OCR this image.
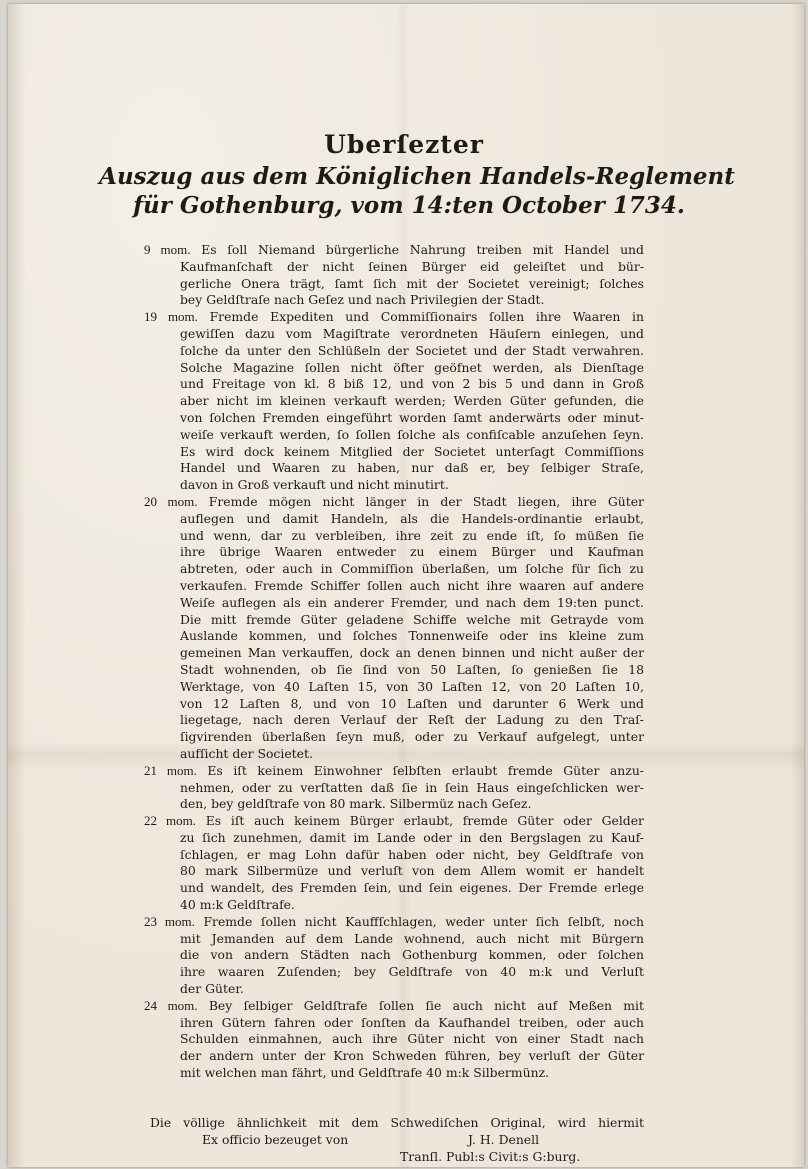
Uberſezter
Auszug aus dem Königlichen Handels-Reglement
für Gothenburg, vom 14:ten October 1734.
9 mom. Es ſoll Niemand bürgerliche Nahrung treiben mit Handel und
Kaufmanſchaft der nicht ſeinen Bürger eid geleiſtet und bür-
gerliche Onera trägt, ſamt ſich mit der Societet vereinigt; ſolches
bey Geldſtraſe nach Geſez und nach Privilegien der Stadt.
19 mom. Fremde Expediten und Commiſſionairs ſollen ihre Waaren in
gewiſſen dazu vom Magiſtrate verordneten Häuſern einlegen, und
ſolche da unter den Schlüßeln der Societet und der Stadt verwahren.
Solche Magazine ſollen nicht öfter geöfnet werden, als Dienſtage
und Freitage von kl. 8 biß 12, und von 2 bis 5 und dann in Groß
aber nicht im kleinen verkauft werden; Werden Güter gefunden, die
von ſolchen Fremden eingeführt worden ſamt anderwärts oder minut-
weiſe verkauft werden, ſo ſollen ſolche als confiſcable anzuſehen ſeyn.
Es wird dock keinem Mitglied der Societet unterſagt Commiſſions
Handel und Waaren zu haben, nur daß er, bey ſelbiger Straſe,
davon in Groß verkauft und nicht minutirt.
20 mom. Fremde mögen nicht länger in der Stadt liegen, ihre Güter
auflegen und damit Handeln, als die Handels-ordinantie erlaubt,
und wenn, dar zu verbleiben, ihre zeit zu ende iſt, ſo müßen ſie
ihre übrige Waaren entweder zu einem Bürger und Kaufman
abtreten, oder auch in Commiſſion überlaßen, um ſolche für ſich zu
verkaufen. Fremde Schiffer ſollen auch nicht ihre waaren auf andere
Weiſe auflegen als ein anderer Fremder, und nach dem 19:ten punct.
Die mitt fremde Güter geladene Schiffe welche mit Getrayde vom
Auslande kommen, und ſolches Tonnenweiſe oder ins kleine zum
gemeinen Man verkauffen, dock an denen binnen und nicht außer der
Stadt wohnenden, ob ſie ſind von 50 Laſten, ſo genießen ſie 18
Werktage, von 40 Laſten 15, von 30 Laſten 12, von 20 Laſten 10,
von 12 Laſten 8, und von 10 Laſten und darunter 6 Werk und
liegetage, nach deren Verlauf der Reſt der Ladung zu den Traſ-
ſigvirenden überlaßen ſeyn muß, oder zu Verkauf aufgelegt, unter
aufſicht der Societet.
21 mom. Es iſt keinem Einwohner ſelbſten erlaubt fremde Güter anzu-
nehmen, oder zu verſtatten daß ſie in ſein Haus eingeſchlicken wer-
den, bey geldſtrafe von 80 mark. Silbermüz nach Geſez.
22 mom. Es iſt auch keinem Bürger erlaubt, fremde Güter oder Gelder
zu ſich zunehmen, damit im Lande oder in den Bergslagen zu Kauf-
ſchlagen, er mag Lohn dafür haben oder nicht, bey Geldſtrafe von
80 mark Silbermüze und verluſt von dem Allem womit er handelt
und wandelt, des Fremden ſein, und ſein eigenes. Der Fremde erlege
40 m:k Geldſtrafe.
23 mom. Fremde ſollen nicht Kauffſchlagen, weder unter ſich ſelbſt, noch
mit Jemanden auf dem Lande wohnend, auch nicht mit Bürgern
die von andern Städten nach Gothenburg kommen, oder ſolchen
ihre waaren Zuſenden; bey Geldſtrafe von 40 m:k und Verluſt
der Güter.
24 mom. Bey ſelbiger Geldſtrafe ſollen ſie auch nicht auf Meßen mit
ihren Gütern fahren oder ſonſten da Kaufhandel treiben, oder auch
Schulden einmahnen, auch ihre Güter nicht von einer Stadt nach
der andern unter der Kron Schweden führen, bey verluſt der Güter
mit welchen man fährt, und Geldſtrafe 40 m:k Silbermünz.
Die völlige ähnlichkeit mit dem Schwediſchen Original, wird hiermit
Ex officio bezeuget von	J. H. Denell
Tranſl. Publ:s Civit:s G:burg.
